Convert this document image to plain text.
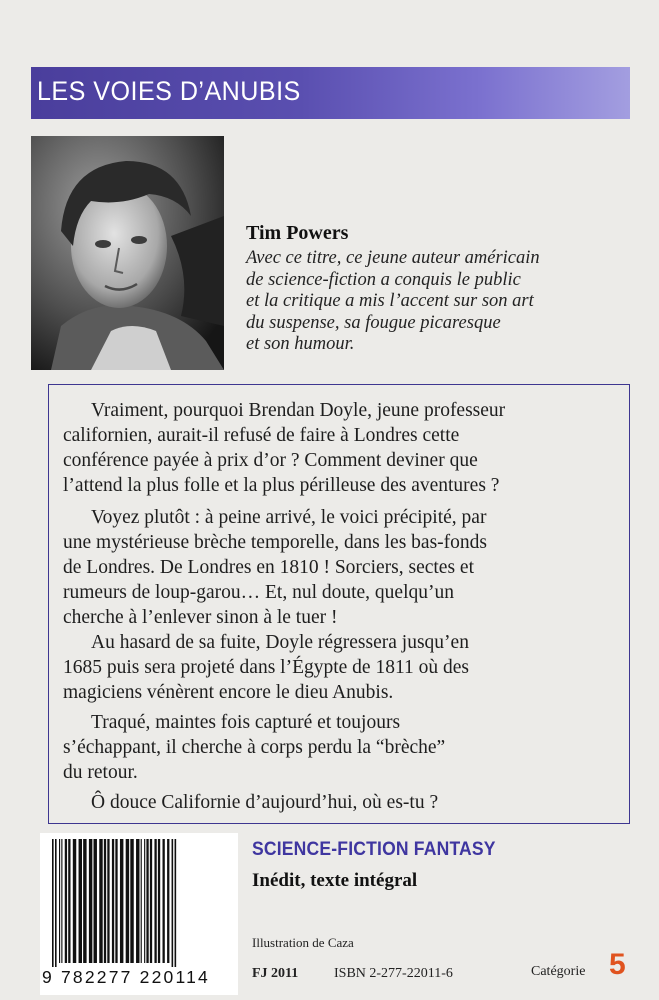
LES VOIES D’ANUBIS
Tim Powers
Avec ce titre, ce jeune auteur américain
de science-fiction a conquis le public
et la critique a mis l’accent sur son art
du suspense, sa fougue picaresque
et son humour.
Vraiment, pourquoi Brendan Doyle, jeune professeur
californien, aurait-il refusé de faire à Londres cette
conférence payée à prix d’or ? Comment deviner que
l’attend la plus folle et la plus périlleuse des aventures ?
Voyez plutôt : à peine arrivé, le voici précipité, par
une mystérieuse brèche temporelle, dans les bas-fonds
de Londres. De Londres en 1810 ! Sorciers, sectes et
rumeurs de loup-garou… Et, nul doute, quelqu’un
cherche à l’enlever sinon à le tuer !
Au hasard de sa fuite, Doyle régressera jusqu’en
1685 puis sera projeté dans l’Égypte de 1811 où des
magiciens vénèrent encore le dieu Anubis.
Traqué, maintes fois capturé et toujours
s’échappant, il cherche à corps perdu la “brèche”
du retour.
Ô douce Californie d’aujourd’hui, où es-tu ?
9 782277 220114
SCIENCE-FICTION FANTASY
Inédit, texte intégral
Illustration de Caza
FJ 2011	ISBN 2-277-22011-6	Catégorie 5
